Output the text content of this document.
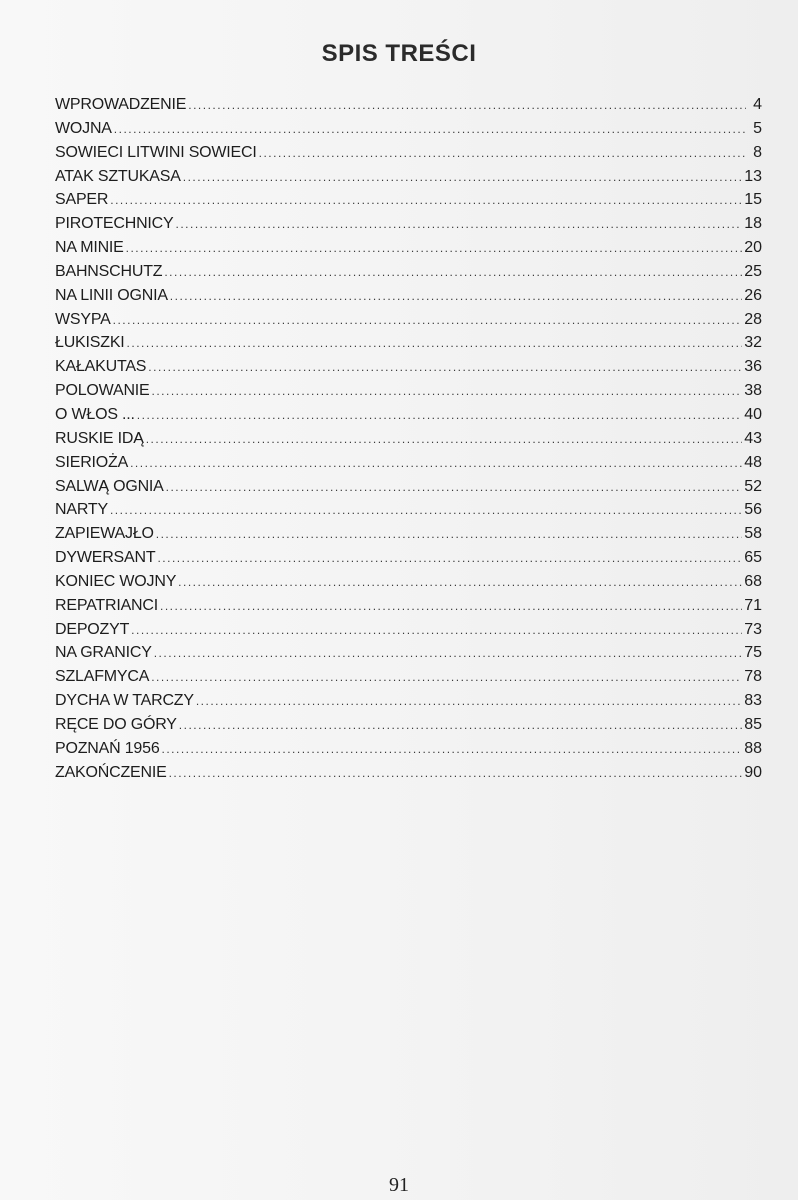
SPIS TREŚCI
WPROWADZENIE .....	4
WOJNA .....	5
SOWIECI LITWINI SOWIECI .....	8
ATAK SZTUKASA .....	13
SAPER .....	15
PIROTECHNICY .....	18
NA MINIE .....	20
BAHNSCHUTZ .....	25
NA LINII OGNIA .....	26
WSYPA .....	28
ŁUKISZKI .....	32
KAŁAKUTAS .....	36
POLOWANIE .....	38
O WŁOS ... .....	40
RUSKIE IDĄ .....	43
SIERIOŻA .....	48
SALWĄ OGNIA .....	52
NARTY .....	56
ZAPIEWAJŁO .....	58
DYWERSANT .....	65
KONIEC WOJNY .....	68
REPATRIANCI .....	71
DEPOZYT .....	73
NA GRANICY .....	75
SZLAFMYCA .....	78
DYCHA W TARCZY .....	83
RĘCE DO GÓRY .....	85
POZNAŃ 1956 .....	88
ZAKOŃCZENIE .....	90
91
